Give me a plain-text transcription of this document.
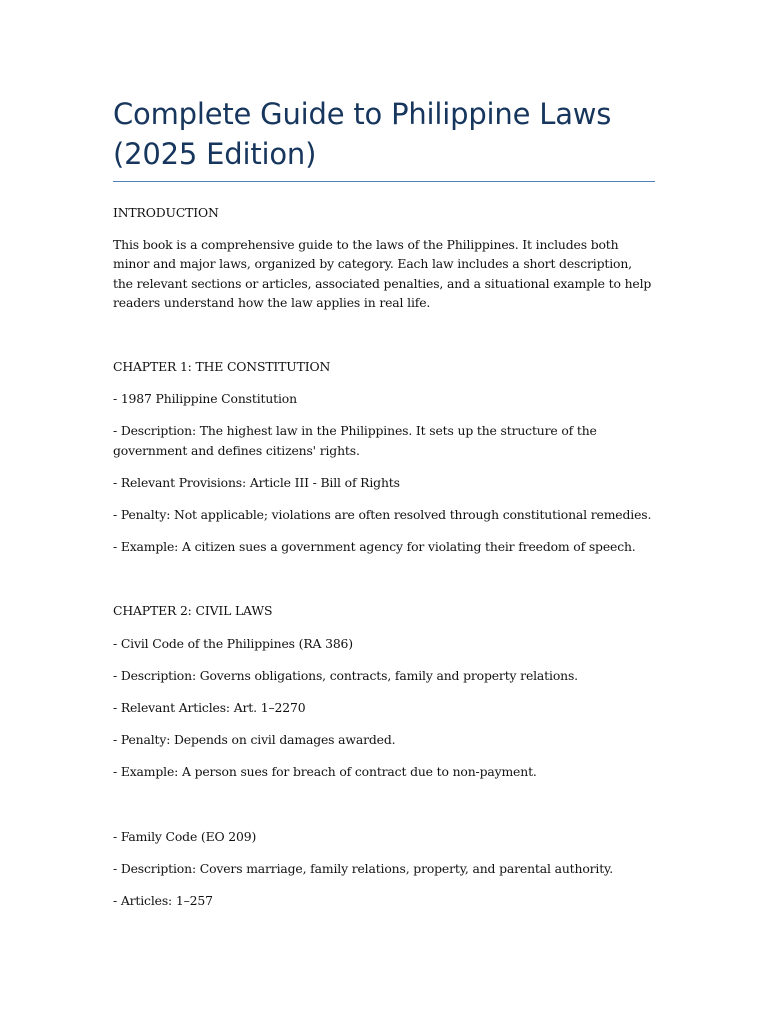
Complete Guide to Philippine Laws
(2025 Edition)

INTRODUCTION

This book is a comprehensive guide to the laws of the Philippines. It includes both minor and major laws, organized by category. Each law includes a short description, the relevant sections or articles, associated penalties, and a situational example to help readers understand how the law applies in real life.

CHAPTER 1: THE CONSTITUTION

- 1987 Philippine Constitution

- Description: The highest law in the Philippines. It sets up the structure of the government and defines citizens' rights.

- Relevant Provisions: Article III - Bill of Rights

- Penalty: Not applicable; violations are often resolved through constitutional remedies.

- Example: A citizen sues a government agency for violating their freedom of speech.

CHAPTER 2: CIVIL LAWS

- Civil Code of the Philippines (RA 386)

- Description: Governs obligations, contracts, family and property relations.

- Relevant Articles: Art. 1–2270

- Penalty: Depends on civil damages awarded.

- Example: A person sues for breach of contract due to non-payment.

- Family Code (EO 209)

- Description: Covers marriage, family relations, property, and parental authority.

- Articles: 1–257
